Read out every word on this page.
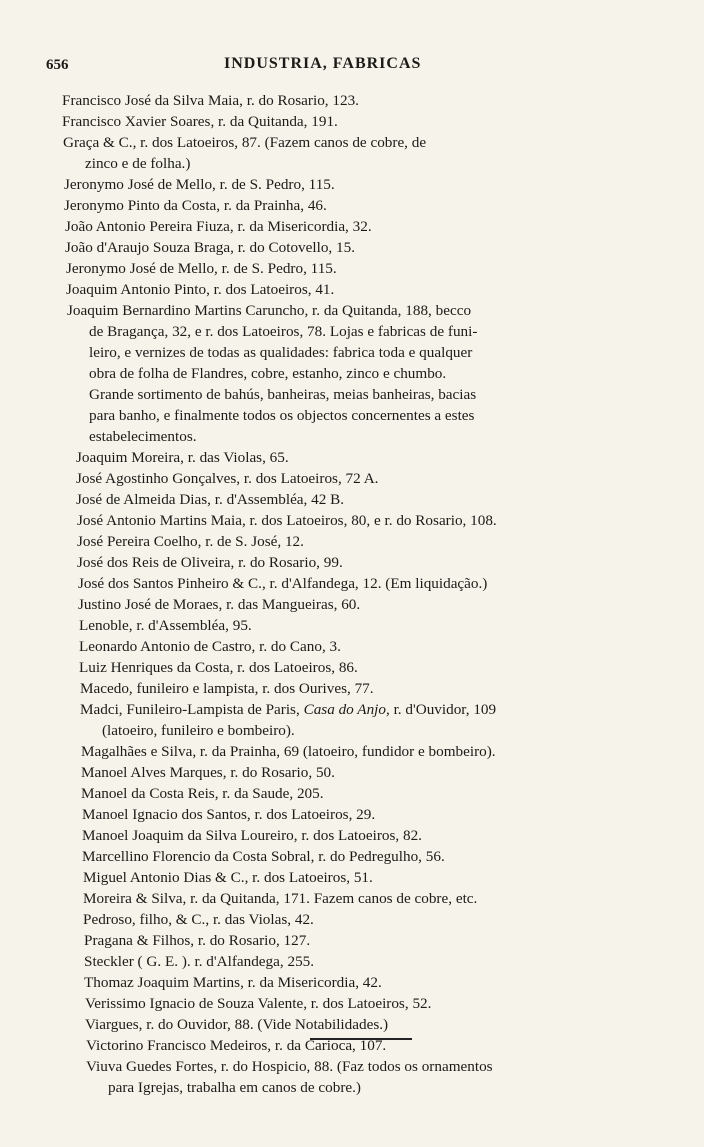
656	INDUSTRIA, FABRICAS
Francisco José da Silva Maia, r. do Rosario, 123.
Francisco Xavier Soares, r. da Quitanda, 191.
Graça & C., r. dos Latoeiros, 87. (Fazem canos de cobre, de
zinco e de folha.)
Jeronymo José de Mello, r. de S. Pedro, 115.
Jeronymo Pinto da Costa, r. da Prainha, 46.
João Antonio Pereira Fiuza, r. da Misericordia, 32.
João d'Araujo Souza Braga, r. do Cotovello, 15.
Jeronymo José de Mello, r. de S. Pedro, 115.
Joaquim Antonio Pinto, r. dos Latoeiros, 41.
Joaquim Bernardino Martins Caruncho, r. da Quitanda, 188, becco
de Bragança, 32, e r. dos Latoeiros, 78. Lojas e fabricas de funi-
leiro, e vernizes de todas as qualidades: fabrica toda e qualquer
obra de folha de Flandres, cobre, estanho, zinco e chumbo.
Grande sortimento de bahús, banheiras, meias banheiras, bacias
para banho, e finalmente todos os objectos concernentes a estes
estabelecimentos.
Joaquim Moreira, r. das Violas, 65.
José Agostinho Gonçalves, r. dos Latoeiros, 72 A.
José de Almeida Dias, r. d'Assembléa, 42 B.
José Antonio Martins Maia, r. dos Latoeiros, 80, e r. do Rosario, 108.
José Pereira Coelho, r. de S. José, 12.
José dos Reis de Oliveira, r. do Rosario, 99.
José dos Santos Pinheiro & C., r. d'Alfandega, 12. (Em liquidação.)
Justino José de Moraes, r. das Mangueiras, 60.
Lenoble, r. d'Assembléa, 95.
Leonardo Antonio de Castro, r. do Cano, 3.
Luiz Henriques da Costa, r. dos Latoeiros, 86.
Macedo, funileiro e lampista, r. dos Ourives, 77.
Madci, Funileiro-Lampista de Paris, Casa do Anjo, r. d'Ouvidor, 109
(latoeiro, funileiro e bombeiro).
Magalhães e Silva, r. da Prainha, 69 (latoeiro, fundidor e bombeiro).
Manoel Alves Marques, r. do Rosario, 50.
Manoel da Costa Reis, r. da Saude, 205.
Manoel Ignacio dos Santos, r. dos Latoeiros, 29.
Manoel Joaquim da Silva Loureiro, r. dos Latoeiros, 82.
Marcellino Florencio da Costa Sobral, r. do Pedregulho, 56.
Miguel Antonio Dias & C., r. dos Latoeiros, 51.
Moreira & Silva, r. da Quitanda, 171. Fazem canos de cobre, etc.
Pedroso, filho, & C., r. das Violas, 42.
Pragana & Filhos, r. do Rosario, 127.
Steckler ( G. E. ). r. d'Alfandega, 255.
Thomaz Joaquim Martins, r. da Misericordia, 42.
Verissimo Ignacio de Souza Valente, r. dos Latoeiros, 52.
Viargues, r. do Ouvidor, 88. (Vide Notabilidades.)
Victorino Francisco Medeiros, r. da Carioca, 107.
Viuva Guedes Fortes, r. do Hospicio, 88. (Faz todos os ornamentos
para Igrejas, trabalha em canos de cobre.)
